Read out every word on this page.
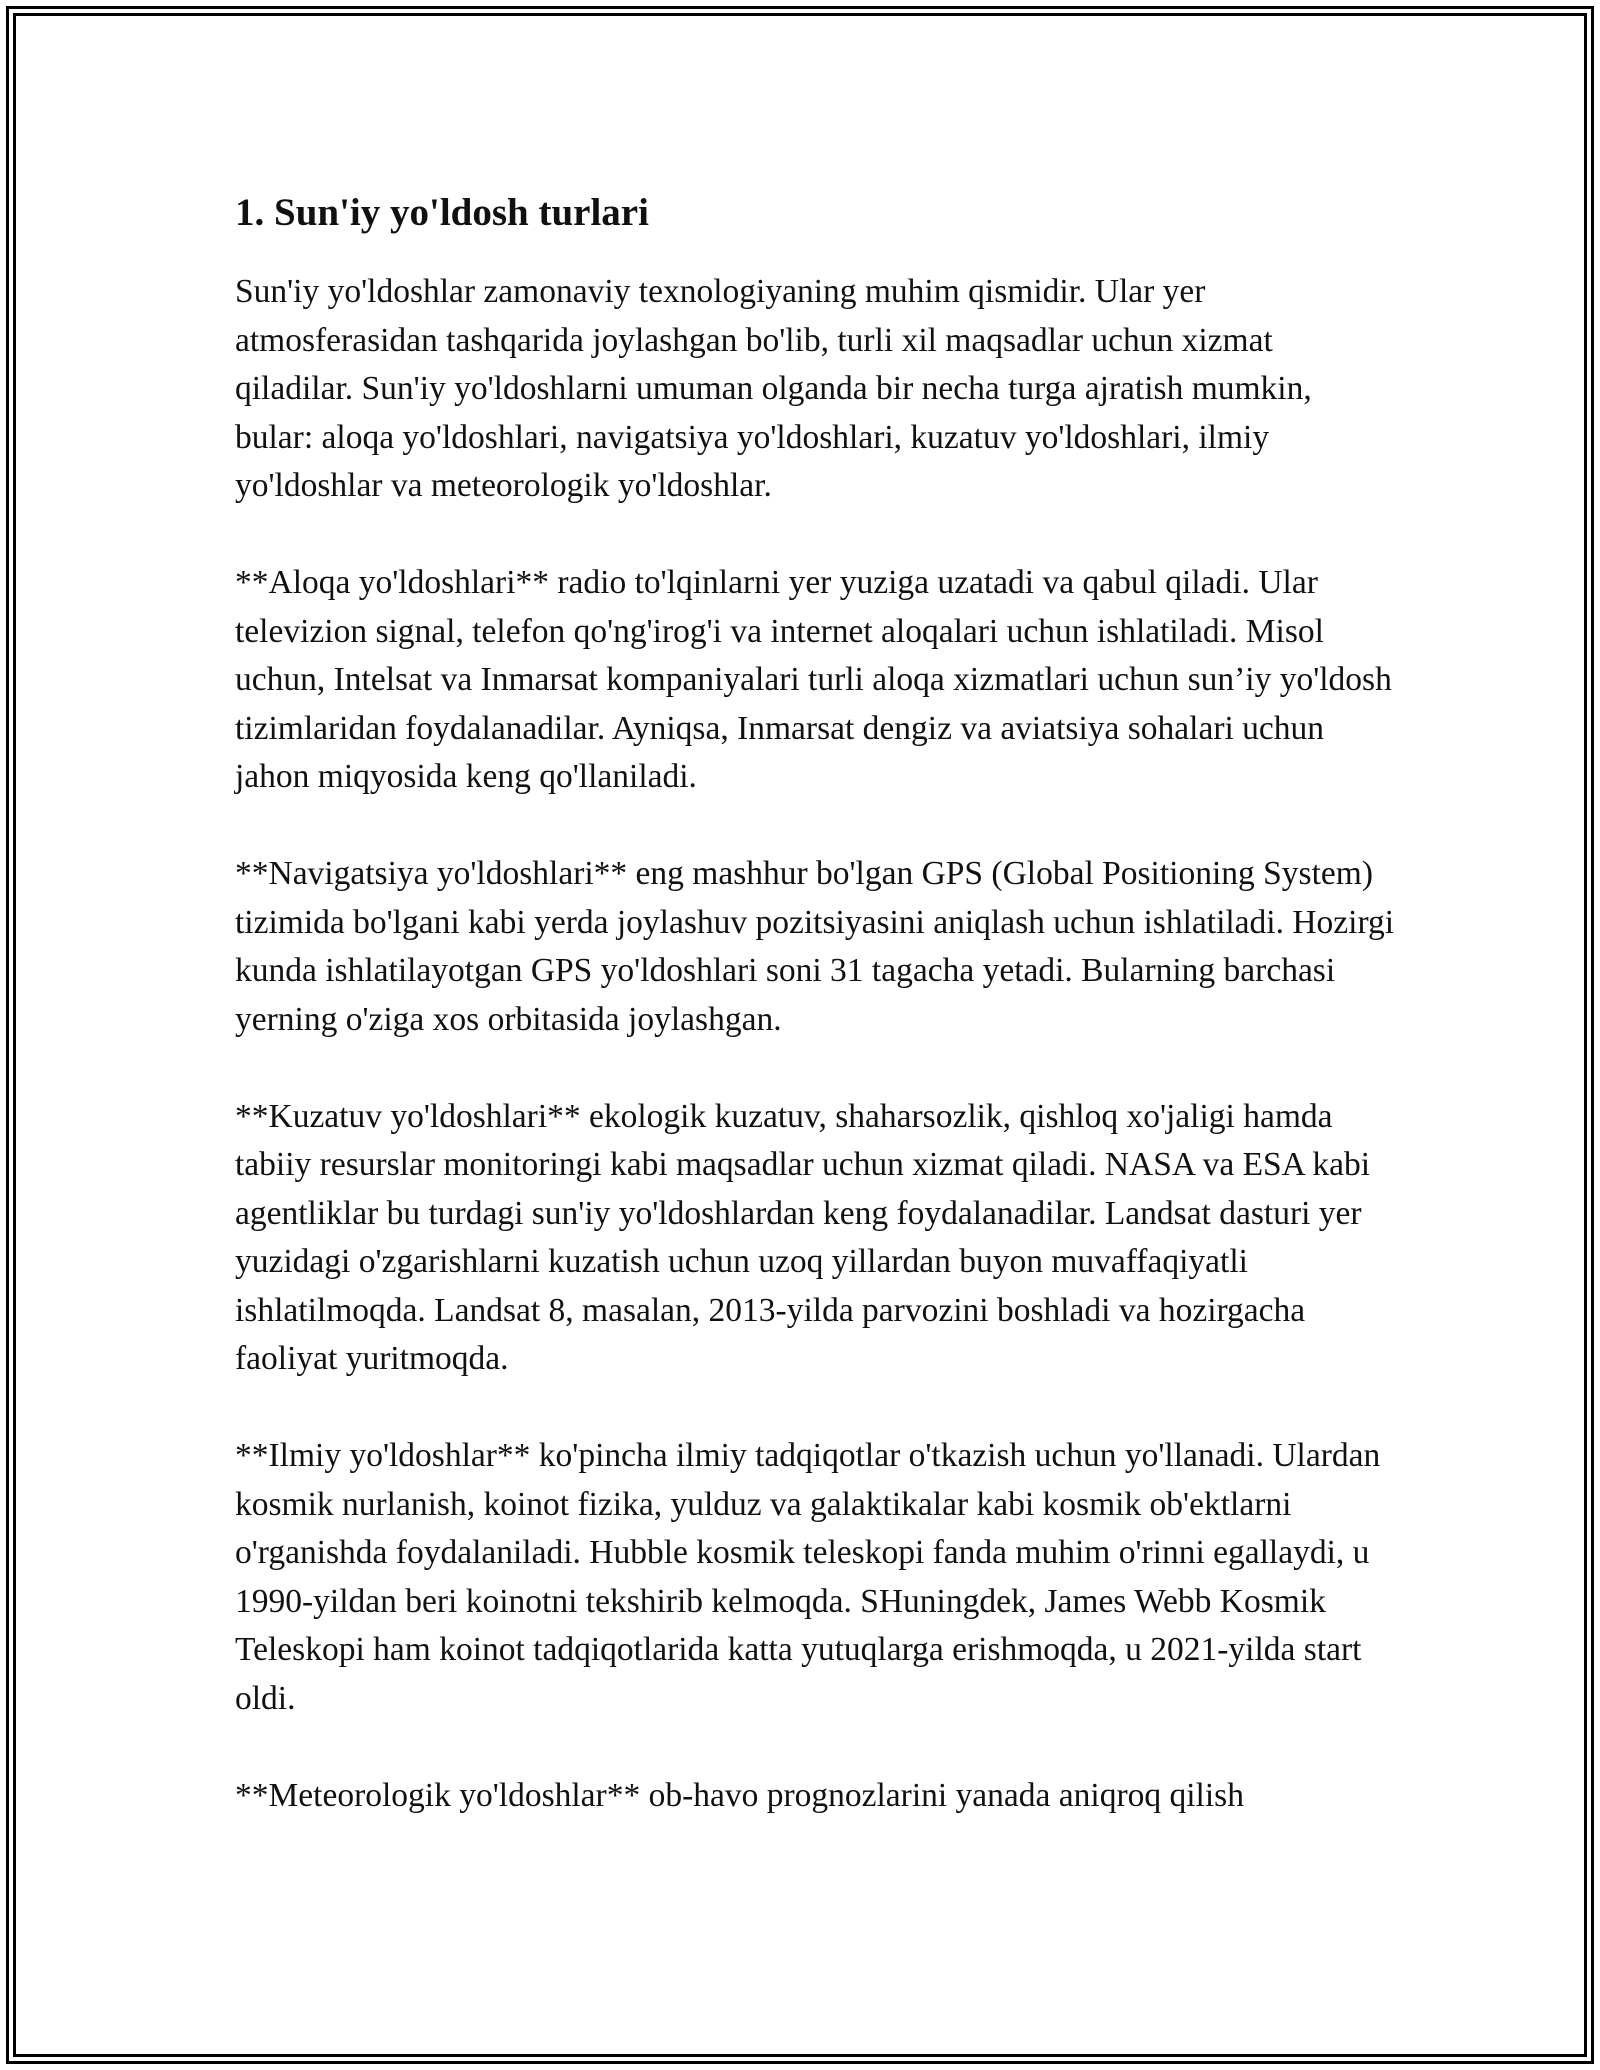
1. Sun'iy yo'ldosh turlari

Sun'iy yo'ldoshlar zamonaviy texnologiyaning muhim qismidir. Ular yer atmosferasidan tashqarida joylashgan bo'lib, turli xil maqsadlar uchun xizmat qiladilar. Sun'iy yo'ldoshlarni umuman olganda bir necha turga ajratish mumkin, bular: aloqa yo'ldoshlari, navigatsiya yo'ldoshlari, kuzatuv yo'ldoshlari, ilmiy yo'ldoshlar va meteorologik yo'ldoshlar.

**Aloqa yo'ldoshlari** radio to'lqinlarni yer yuziga uzatadi va qabul qiladi. Ular televizion signal, telefon qo'ng'irog'i va internet aloqalari uchun ishlatiladi. Misol uchun, Intelsat va Inmarsat kompaniyalari turli aloqa xizmatlari uchun sun’iy yo'ldosh tizimlaridan foydalanadilar. Ayniqsa, Inmarsat dengiz va aviatsiya sohalari uchun jahon miqyosida keng qo'llaniladi.

**Navigatsiya yo'ldoshlari** eng mashhur bo'lgan GPS (Global Positioning System) tizimida bo'lgani kabi yerda joylashuv pozitsiyasini aniqlash uchun ishlatiladi. Hozirgi kunda ishlatilayotgan GPS yo'ldoshlari soni 31 tagacha yetadi. Bularning barchasi yerning o'ziga xos orbitasida joylashgan.

**Kuzatuv yo'ldoshlari** ekologik kuzatuv, shaharsozlik, qishloq xo'jaligi hamda tabiiy resurslar monitoringi kabi maqsadlar uchun xizmat qiladi. NASA va ESA kabi agentliklar bu turdagi sun'iy yo'ldoshlardan keng foydalanadilar. Landsat dasturi yer yuzidagi o'zgarishlarni kuzatish uchun uzoq yillardan buyon muvaffaqiyatli ishlatilmoqda. Landsat 8, masalan, 2013-yilda parvozini boshladi va hozirgacha faoliyat yuritmoqda.

**Ilmiy yo'ldoshlar** ko'pincha ilmiy tadqiqotlar o'tkazish uchun yo'llanadi. Ulardan kosmik nurlanish, koinot fizika, yulduz va galaktikalar kabi kosmik ob'ektlarni o'rganishda foydalaniladi. Hubble kosmik teleskopi fanda muhim o'rinni egallaydi, u 1990-yildan beri koinotni tekshirib kelmoqda. SHuningdek, James Webb Kosmik Teleskopi ham koinot tadqiqotlarida katta yutuqlarga erishmoqda, u 2021-yilda start oldi.

**Meteorologik yo'ldoshlar** ob-havo prognozlarini yanada aniqroq qilish
